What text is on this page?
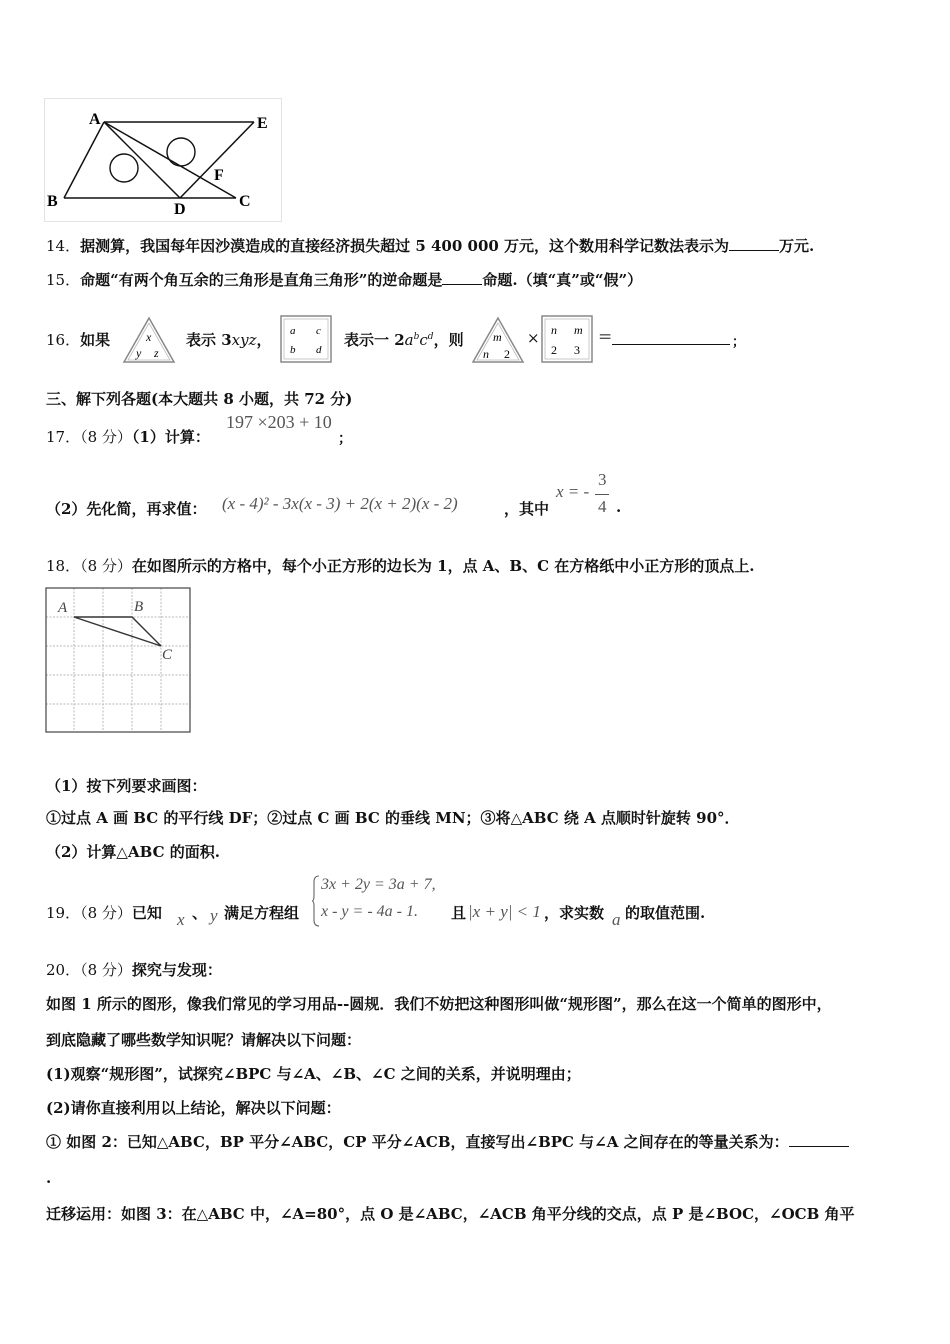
A	E
B	D	C
F
14．据测算，我国每年因沙漠造成的直接经济损失超过 5 400 000 万元，这个数用科学记数法表示为	万元.
15．命题“有两个角互余的三角形是直角三角形”的逆命题是	命题.（填“真”或“假”）
16．如果	x
y z
表示 3xyz， a c
b d
表示一 $2a^bc^d$，则 m
n 2
× n m
2 3
=	；
三、解下列各题(本大题共 8 小题，共 72 分)
17．（8 分）（1）计算：
197 ×203 + 10
；
（2）先化简，再求值： (x - 4)² - 3x(x - 3) + 2(x + 2)(x - 2)	，其中
x = -
3
4 .
18．（8 分）在如图所示的方格中，每个小正方形的边长为 1，点 A、B、C 在方格纸中小正方形的顶点上.
A	B
C
（1）按下列要求画图：
①过点 A 画 BC 的平行线 DF；②过点 C 画 BC 的垂线 MN；③将△ABC 绕 A 点顺时针旋转 90°．
（2）计算△ABC 的面积.
19．（8 分）已知 x 、 y 满足方程组
3x + 2y = 3a + 7,
x - y = - 4a - 1. 且 |x + y| < 1 ，求实数 a 的取值范围.
20．（8 分）探究与发现：
如图 1 所示的图形，像我们常见的学习用品--圆规．我们不妨把这种图形叫做“规形图”，那么在这一个简单的图形中，
到底隐藏了哪些数学知识呢？请解决以下问题：
(1)观察“规形图”，试探究∠BPC 与∠A、∠B、∠C 之间的关系，并说明理由；
(2)请你直接利用以上结论，解决以下问题：
① 如图 2：已知△ABC，BP 平分∠ABC，CP 平分∠ACB，直接写出∠BPC 与∠A 之间存在的等量关系为：
.
迁移运用：如图 3：在△ABC 中，∠A=80°，点 O 是∠ABC，∠ACB 角平分线的交点，点 P 是∠BOC，∠OCB 角平
